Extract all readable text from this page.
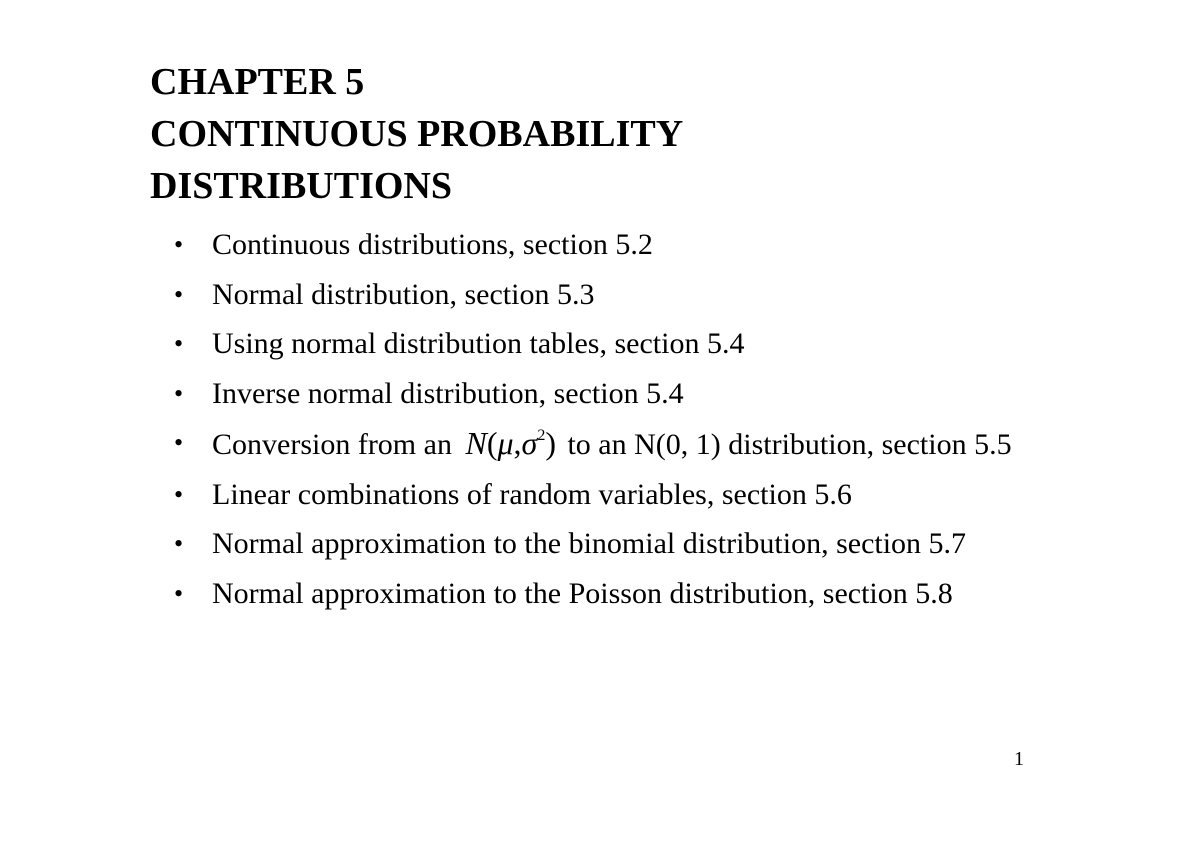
CHAPTER 5
CONTINUOUS PROBABILITY
DISTRIBUTIONS
• Continuous distributions, section 5.2
• Normal distribution, section 5.3
• Using normal distribution tables, section 5.4
• Inverse normal distribution, section 5.4
• Conversion from an $N(\mu,\sigma^2)$ to an N(0, 1) distribution, section 5.5
• Linear combinations of random variables, section 5.6
• Normal approximation to the binomial distribution, section 5.7
• Normal approximation to the Poisson distribution, section 5.8
1
